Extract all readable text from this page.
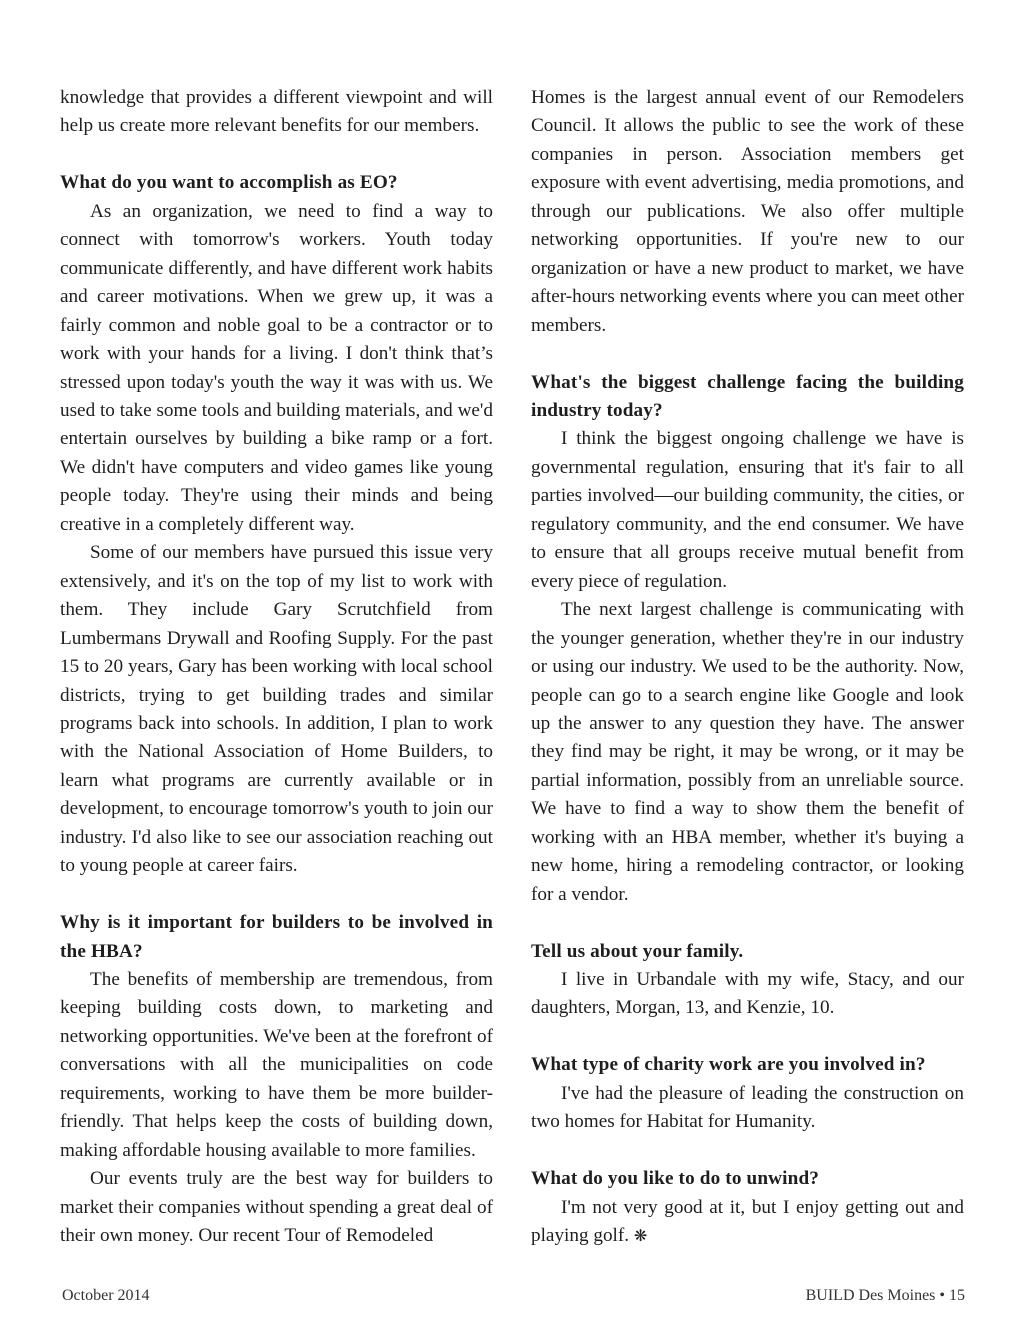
knowledge that provides a different viewpoint and will help us create more relevant benefits for our members.
What do you want to accomplish as EO?
As an organization, we need to find a way to connect with tomorrow's workers. Youth today communicate differently, and have different work habits and career motivations. When we grew up, it was a fairly common and noble goal to be a contractor or to work with your hands for a living. I don't think that’s stressed upon today's youth the way it was with us. We used to take some tools and building materials, and we'd entertain ourselves by building a bike ramp or a fort. We didn't have computers and video games like young people today. They're using their minds and being creative in a completely different way.
Some of our members have pursued this issue very extensively, and it's on the top of my list to work with them. They include Gary Scrutchfield from Lumbermans Drywall and Roofing Supply. For the past 15 to 20 years, Gary has been working with local school districts, trying to get building trades and similar programs back into schools. In addition, I plan to work with the National Association of Home Builders, to learn what programs are currently available or in development, to encourage tomorrow's youth to join our industry. I'd also like to see our association reaching out to young people at career fairs.
Why is it important for builders to be involved in the HBA?
The benefits of membership are tremendous, from keeping building costs down, to marketing and networking opportunities. We've been at the forefront of conversations with all the municipalities on code requirements, working to have them be more builder-friendly. That helps keep the costs of building down, making affordable housing available to more families.
Our events truly are the best way for builders to market their companies without spending a great deal of their own money. Our recent Tour of Remodeled
Homes is the largest annual event of our Remodelers Council. It allows the public to see the work of these companies in person. Association members get exposure with event advertising, media promotions, and through our publications. We also offer multiple networking opportunities. If you're new to our organization or have a new product to market, we have after-hours networking events where you can meet other members.
What's the biggest challenge facing the building industry today?
I think the biggest ongoing challenge we have is governmental regulation, ensuring that it's fair to all parties involved—our building community, the cities, or regulatory community, and the end consumer. We have to ensure that all groups receive mutual benefit from every piece of regulation.
The next largest challenge is communicating with the younger generation, whether they're in our industry or using our industry. We used to be the authority. Now, people can go to a search engine like Google and look up the answer to any question they have. The answer they find may be right, it may be wrong, or it may be partial information, possibly from an unreliable source. We have to find a way to show them the benefit of working with an HBA member, whether it's buying a new home, hiring a remodeling contractor, or looking for a vendor.
Tell us about your family.
I live in Urbandale with my wife, Stacy, and our daughters, Morgan, 13, and Kenzie, 10.
What type of charity work are you involved in?
I've had the pleasure of leading the construction on two homes for Habitat for Humanity.
What do you like to do to unwind?
I'm not very good at it, but I enjoy getting out and playing golf. ❋
October 2014	BUILD Des Moines • 15
